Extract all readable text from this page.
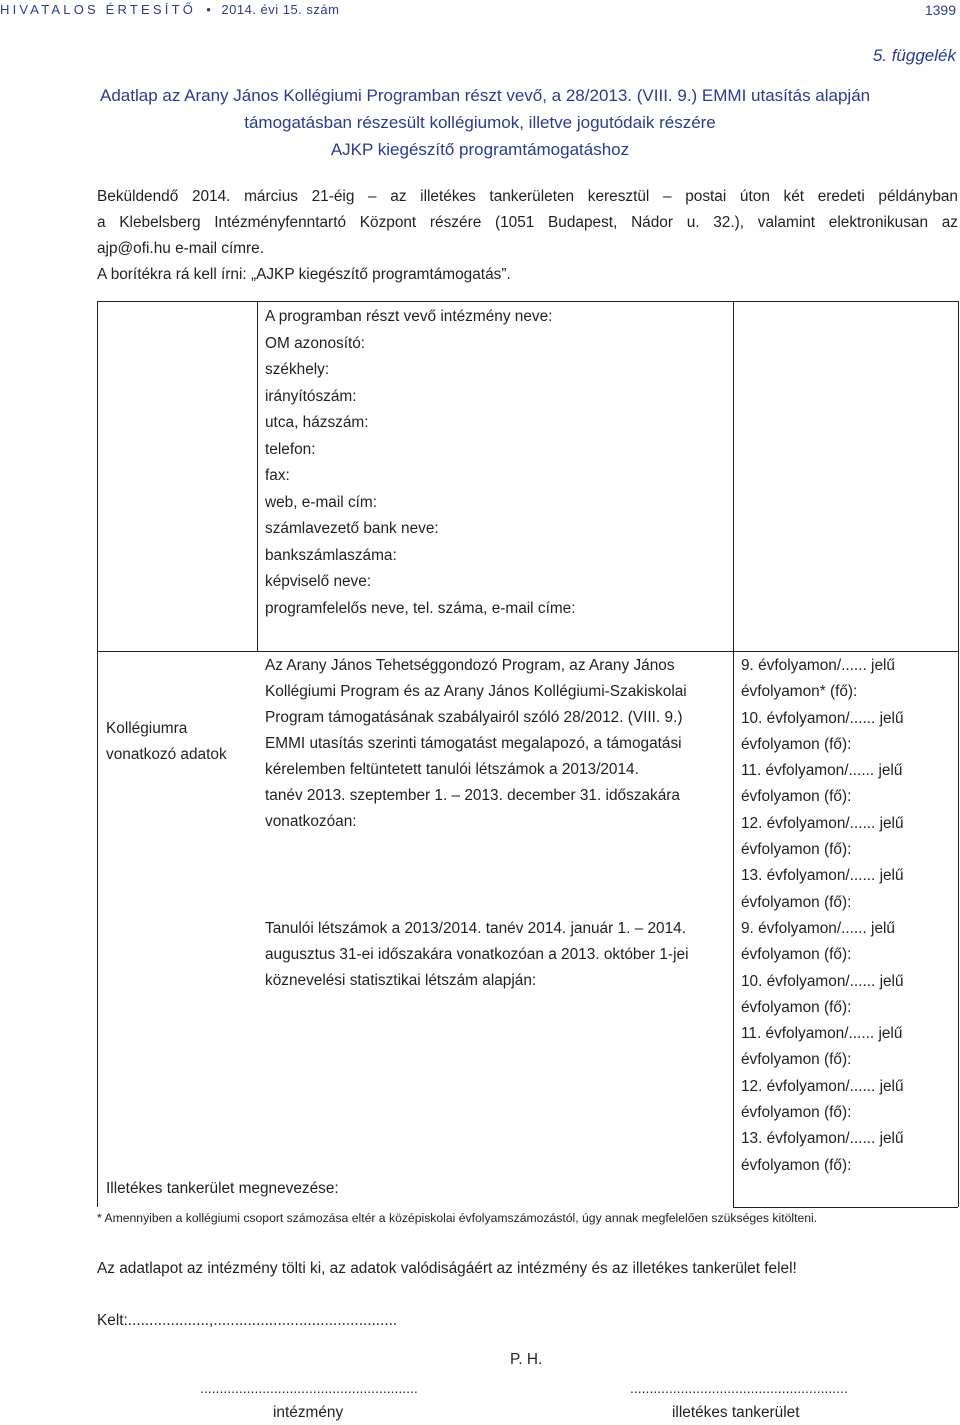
HIVATALOS ÉRTESÍTŐ • 2014. évi 15. szám	1399
5. függelék
Adatlap az Arany János Kollégiumi Programban részt vevő, a 28/2013. (VIII. 9.) EMMI utasítás alapján
támogatásban részesült kollégiumok, illetve jogutódaik részére
AJKP kiegészítő programtámogatáshoz
Beküldendő 2014. március 21-éig – az illetékes tankerületen keresztül – postai úton két eredeti példányban
a Klebelsberg Intézményfenntartó Központ részére (1051 Budapest, Nádor u. 32.), valamint elektronikusan az
ajp@ofi.hu e-mail címre.
A borítékra rá kell írni: „AJKP kiegészítő programtámogatás”.
A programban részt vevő intézmény neve:
OM azonosító:
székhely:
irányítószám:
utca, házszám:
telefon:
fax:
web, e-mail cím:
számlavezető bank neve:
bankszámlaszáma:
képviselő neve:
programfelelős neve, tel. száma, e-mail címe:
Kollégiumra
vonatkozó adatok
Az Arany János Tehetséggondozó Program, az Arany János
Kollégiumi Program és az Arany János Kollégiumi-Szakiskolai
Program támogatásának szabályairól szóló 28/2012. (VIII. 9.)
EMMI utasítás szerinti támogatást megalapozó, a támogatási
kérelemben feltüntetett tanulói létszámok a 2013/2014.
tanév 2013. szeptember 1. – 2013. december 31. időszakára
vonatkozóan:
9. évfolyamon/...... jelű
évfolyamon* (fő):
10. évfolyamon/...... jelű
évfolyamon (fő):
11. évfolyamon/...... jelű
évfolyamon (fő):
12. évfolyamon/...... jelű
évfolyamon (fő):
13. évfolyamon/...... jelű
évfolyamon (fő):
Tanulói létszámok a 2013/2014. tanév 2014. január 1. – 2014.
augusztus 31-ei időszakára vonatkozóan a 2013. október 1-jei
köznevelési statisztikai létszám alapján:
9. évfolyamon/...... jelű
évfolyamon (fő):
10. évfolyamon/...... jelű
évfolyamon (fő):
11. évfolyamon/...... jelű
évfolyamon (fő):
12. évfolyamon/...... jelű
évfolyamon (fő):
13. évfolyamon/...... jelű
évfolyamon (fő):
Illetékes tankerület megnevezése:
* Amennyiben a kollégiumi csoport számozása eltér a középiskolai évfolyamszámozástól, úgy annak megfelelően szükséges kitölteni.
Az adatlapot az intézmény tölti ki, az adatok valódiságáért az intézmény és az illetékes tankerület felel!
Kelt:...................,...........................................
P. H.
........................................................
intézmény
........................................................
illetékes tankerület
